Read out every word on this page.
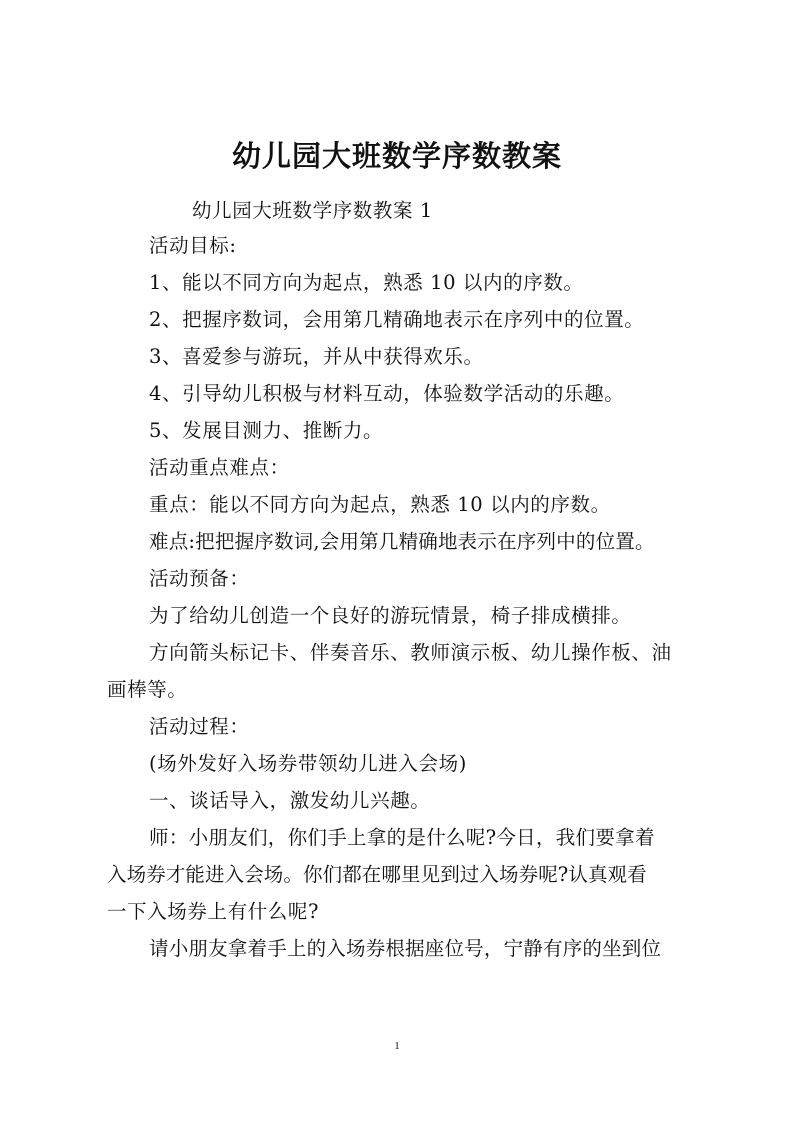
幼儿园大班数学序数教案
幼儿园大班数学序数教案 1
活动目标:
1、能以不同方向为起点，熟悉 10 以内的序数。
2、把握序数词，会用第几精确地表示在序列中的位置。
3、喜爱参与游玩，并从中获得欢乐。
4、引导幼儿积极与材料互动，体验数学活动的乐趣。
5、发展目测力、推断力。
活动重点难点：
重点：能以不同方向为起点，熟悉 10 以内的序数。
难点:把把握序数词,会用第几精确地表示在序列中的位置。
活动预备：
为了给幼儿创造一个良好的游玩情景，椅子排成横排。
方向箭头标记卡、伴奏音乐、教师演示板、幼儿操作板、油
画棒等。
活动过程：
(场外发好入场券带领幼儿进入会场)
一、谈话导入，激发幼儿兴趣。
师：小朋友们，你们手上拿的是什么呢?今日，我们要拿着
入场券才能进入会场。你们都在哪里见到过入场券呢?认真观看
一下入场券上有什么呢?
请小朋友拿着手上的入场券根据座位号，宁静有序的坐到位
1
